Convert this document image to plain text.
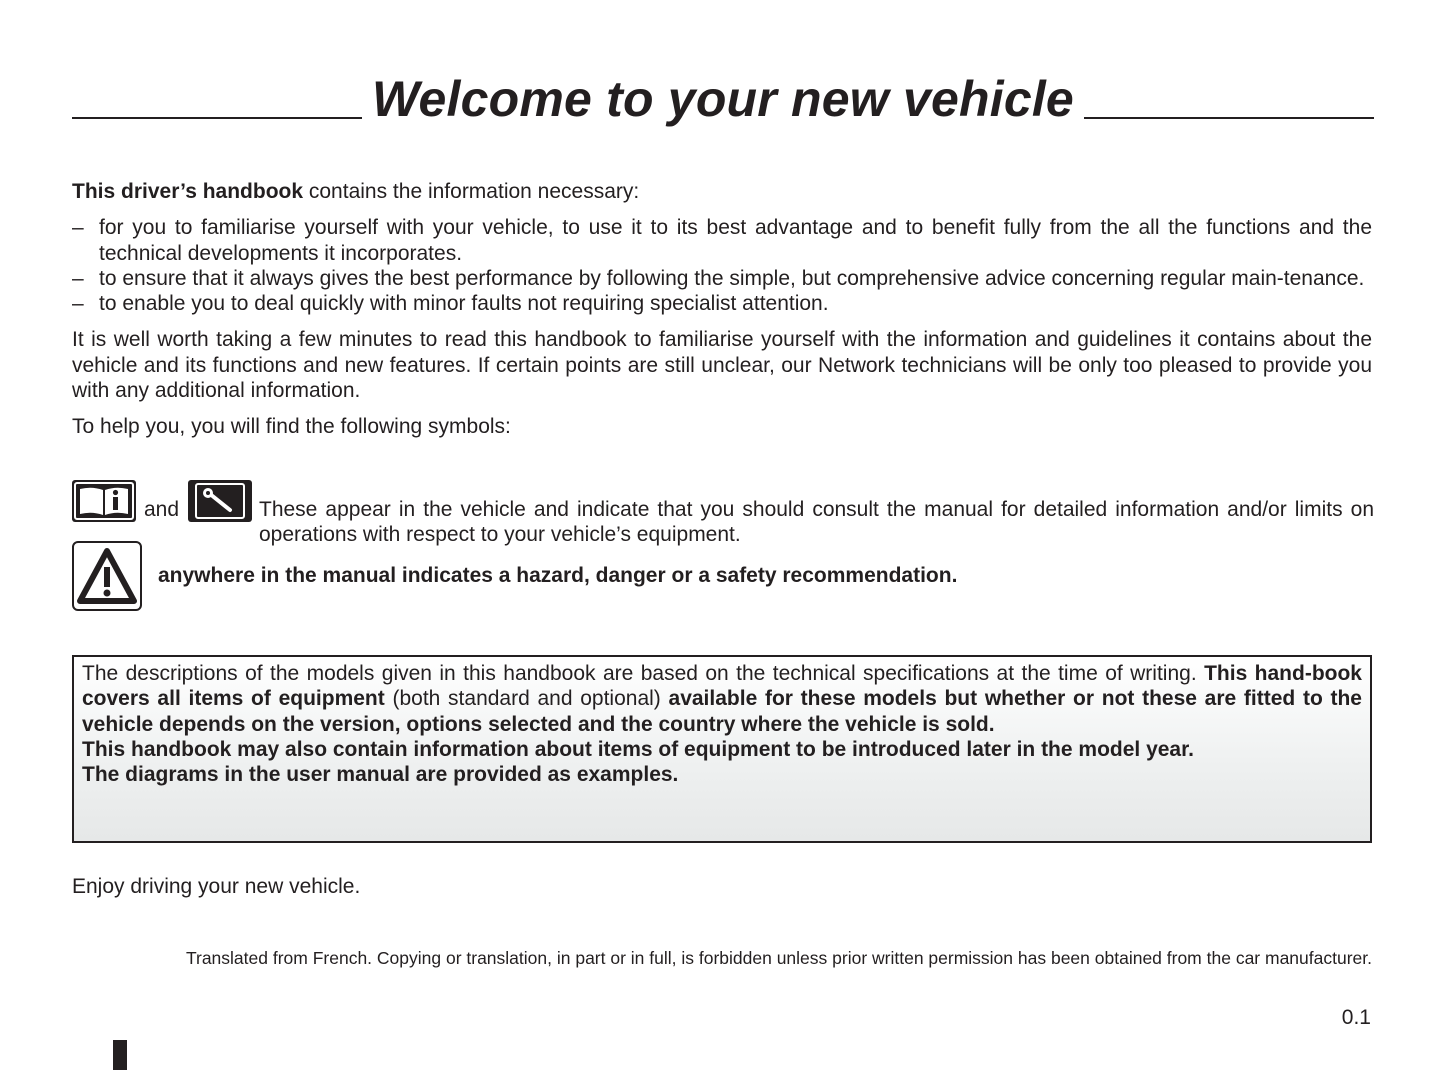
Welcome to your new vehicle

This driver’s handbook contains the information necessary:

– for you to familiarise yourself with your vehicle, to use it to its best advantage and to benefit fully from the all the functions and the technical developments it incorporates.
– to ensure that it always gives the best performance by following the simple, but comprehensive advice concerning regular main-tenance.
– to enable you to deal quickly with minor faults not requiring specialist attention.

It is well worth taking a few minutes to read this handbook to familiarise yourself with the information and guidelines it contains about the vehicle and its functions and new features. If certain points are still unclear, our Network technicians will be only too pleased to provide you with any additional information.

To help you, you will find the following symbols:

and	These appear in the vehicle and indicate that you should consult the manual for detailed information and/or limits on operations with respect to your vehicle’s equipment.

anywhere in the manual indicates a hazard, danger or a safety recommendation.

The descriptions of the models given in this handbook are based on the technical specifications at the time of writing. This hand-book covers all items of equipment (both standard and optional) available for these models but whether or not these are fitted to the vehicle depends on the version, options selected and the country where the vehicle is sold.

This handbook may also contain information about items of equipment to be introduced later in the model year.

The diagrams in the user manual are provided as examples.

Enjoy driving your new vehicle.

Translated from French. Copying or translation, in part or in full, is forbidden unless prior written permission has been obtained from the car manufacturer.

0.1
